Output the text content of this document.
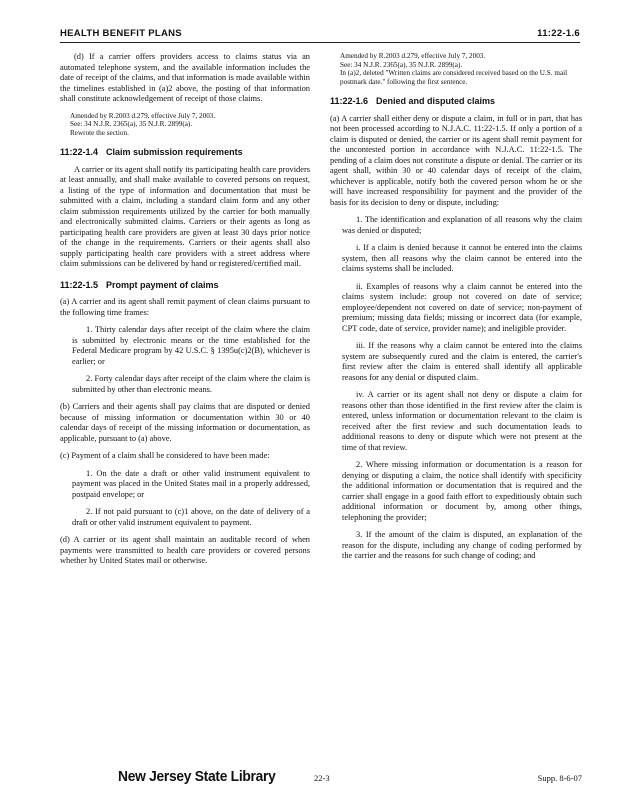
HEALTH BENEFIT PLANS	11:22-1.6

(d) If a carrier offers providers access to claims status via an automated telephone system, and the available information includes the date of receipt of the claims, and that information is made available within the timelines established in (a)2 above, the posting of that information shall constitute acknowledgement of receipt of those claims.

Amended by R.2003 d.279, effective July 7, 2003.
See: 34 N.J.R. 2365(a), 35 N.J.R. 2899(a).
Rewrote the section.
11:22-1.4 Claim submission requirements

A carrier or its agent shall notify its participating health care providers at least annually, and shall make available to covered persons on request, a listing of the type of information and documentation that must be submitted with a claim, including a standard claim form and any other claim submission requirements utilized by the carrier for both manually and electronically submitted claims. Carriers or their agents as long as participating health care providers are given at least 30 days prior notice of the change in the requirements. Carriers or their agents shall also supply participating health care providers with a street address where claim submissions can be delivered by hand or registered/certified mail.

11:22-1.5 Prompt payment of claims

(a) A carrier and its agent shall remit payment of clean claims pursuant to the following time frames:

1. Thirty calendar days after receipt of the claim where the claim is submitted by electronic means or the time established for the Federal Medicare program by 42 U.S.C. § 1395u(c)2(B), whichever is earlier; or

2. Forty calendar days after receipt of the claim where the claim is submitted by other than electronic means.

(b) Carriers and their agents shall pay claims that are disputed or denied because of missing information or documentation within 30 or 40 calendar days of receipt of the missing information or documentation, as applicable, pursuant to (a) above.

(c) Payment of a claim shall be considered to have been made:

1. On the date a draft or other valid instrument equivalent to payment was placed in the United States mail in a properly addressed, postpaid envelope; or

2. If not paid pursuant to (c)1 above, on the date of delivery of a draft or other valid instrument equivalent to payment.

(d) A carrier or its agent shall maintain an auditable record of when payments were transmitted to health care providers or covered persons whether by United States mail or otherwise.

Amended by R.2003 d.279, effective July 7, 2003.
See: 34 N.J.R. 2365(a), 35 N.J.R. 2899(a).
In (a)2, deleted "Written claims are considered received based on the U.S. mail postmark date." following the first sentence.
11:22-1.6 Denied and disputed claims

(a) A carrier shall either deny or dispute a claim, in full or in part, that has not been processed according to N.J.A.C. 11:22-1.5. If only a portion of a claim is disputed or denied, the carrier or its agent shall remit payment for the uncontested portion in accordance with N.J.A.C. 11:22-1.5. The pending of a claim does not constitute a dispute or denial. The carrier or its agent shall, within 30 or 40 calendar days of receipt of the claim, whichever is applicable, notify both the covered person whom he or she will have increased responsibility for payment and the provider of the basis for its decision to deny or dispute, including:

1. The identification and explanation of all reasons why the claim was denied or disputed;

i. If a claim is denied because it cannot be entered into the claims system, then all reasons why the claim cannot be entered into the claims systems shall be included.

ii. Examples of reasons why a claim cannot be entered into the claims system include: group not covered on date of service; employee/dependent not covered on date of service; non-payment of premium; missing data fields; missing or incorrect data (for example, CPT code, date of service, provider name); and ineligible provider.

iii. If the reasons why a claim cannot be entered into the claims system are subsequently cured and the claim is entered, the carrier's first review after the claim is entered shall identify all applicable reasons for any denial or disputed claim.

iv. A carrier or its agent shall not deny or dispute a claim for reasons other than those identified in the first review after the claim is entered, unless information or documentation relevant to the claim is received after the first review and such documentation leads to additional reasons to deny or dispute which were not present at the time of that review.

2. Where missing information or documentation is a reason for denying or disputing a claim, the notice shall identify with specificity the additional information or documentation that is required and the carrier shall engage in a good faith effort to expeditiously obtain such additional information or document by, among other things, telephoning the provider;

3. If the amount of the claim is disputed, an explanation of the reason for the dispute, including any change of coding performed by the carrier and the reasons for such change of coding; and

New Jersey State Library	22-3	Supp. 8-6-07
